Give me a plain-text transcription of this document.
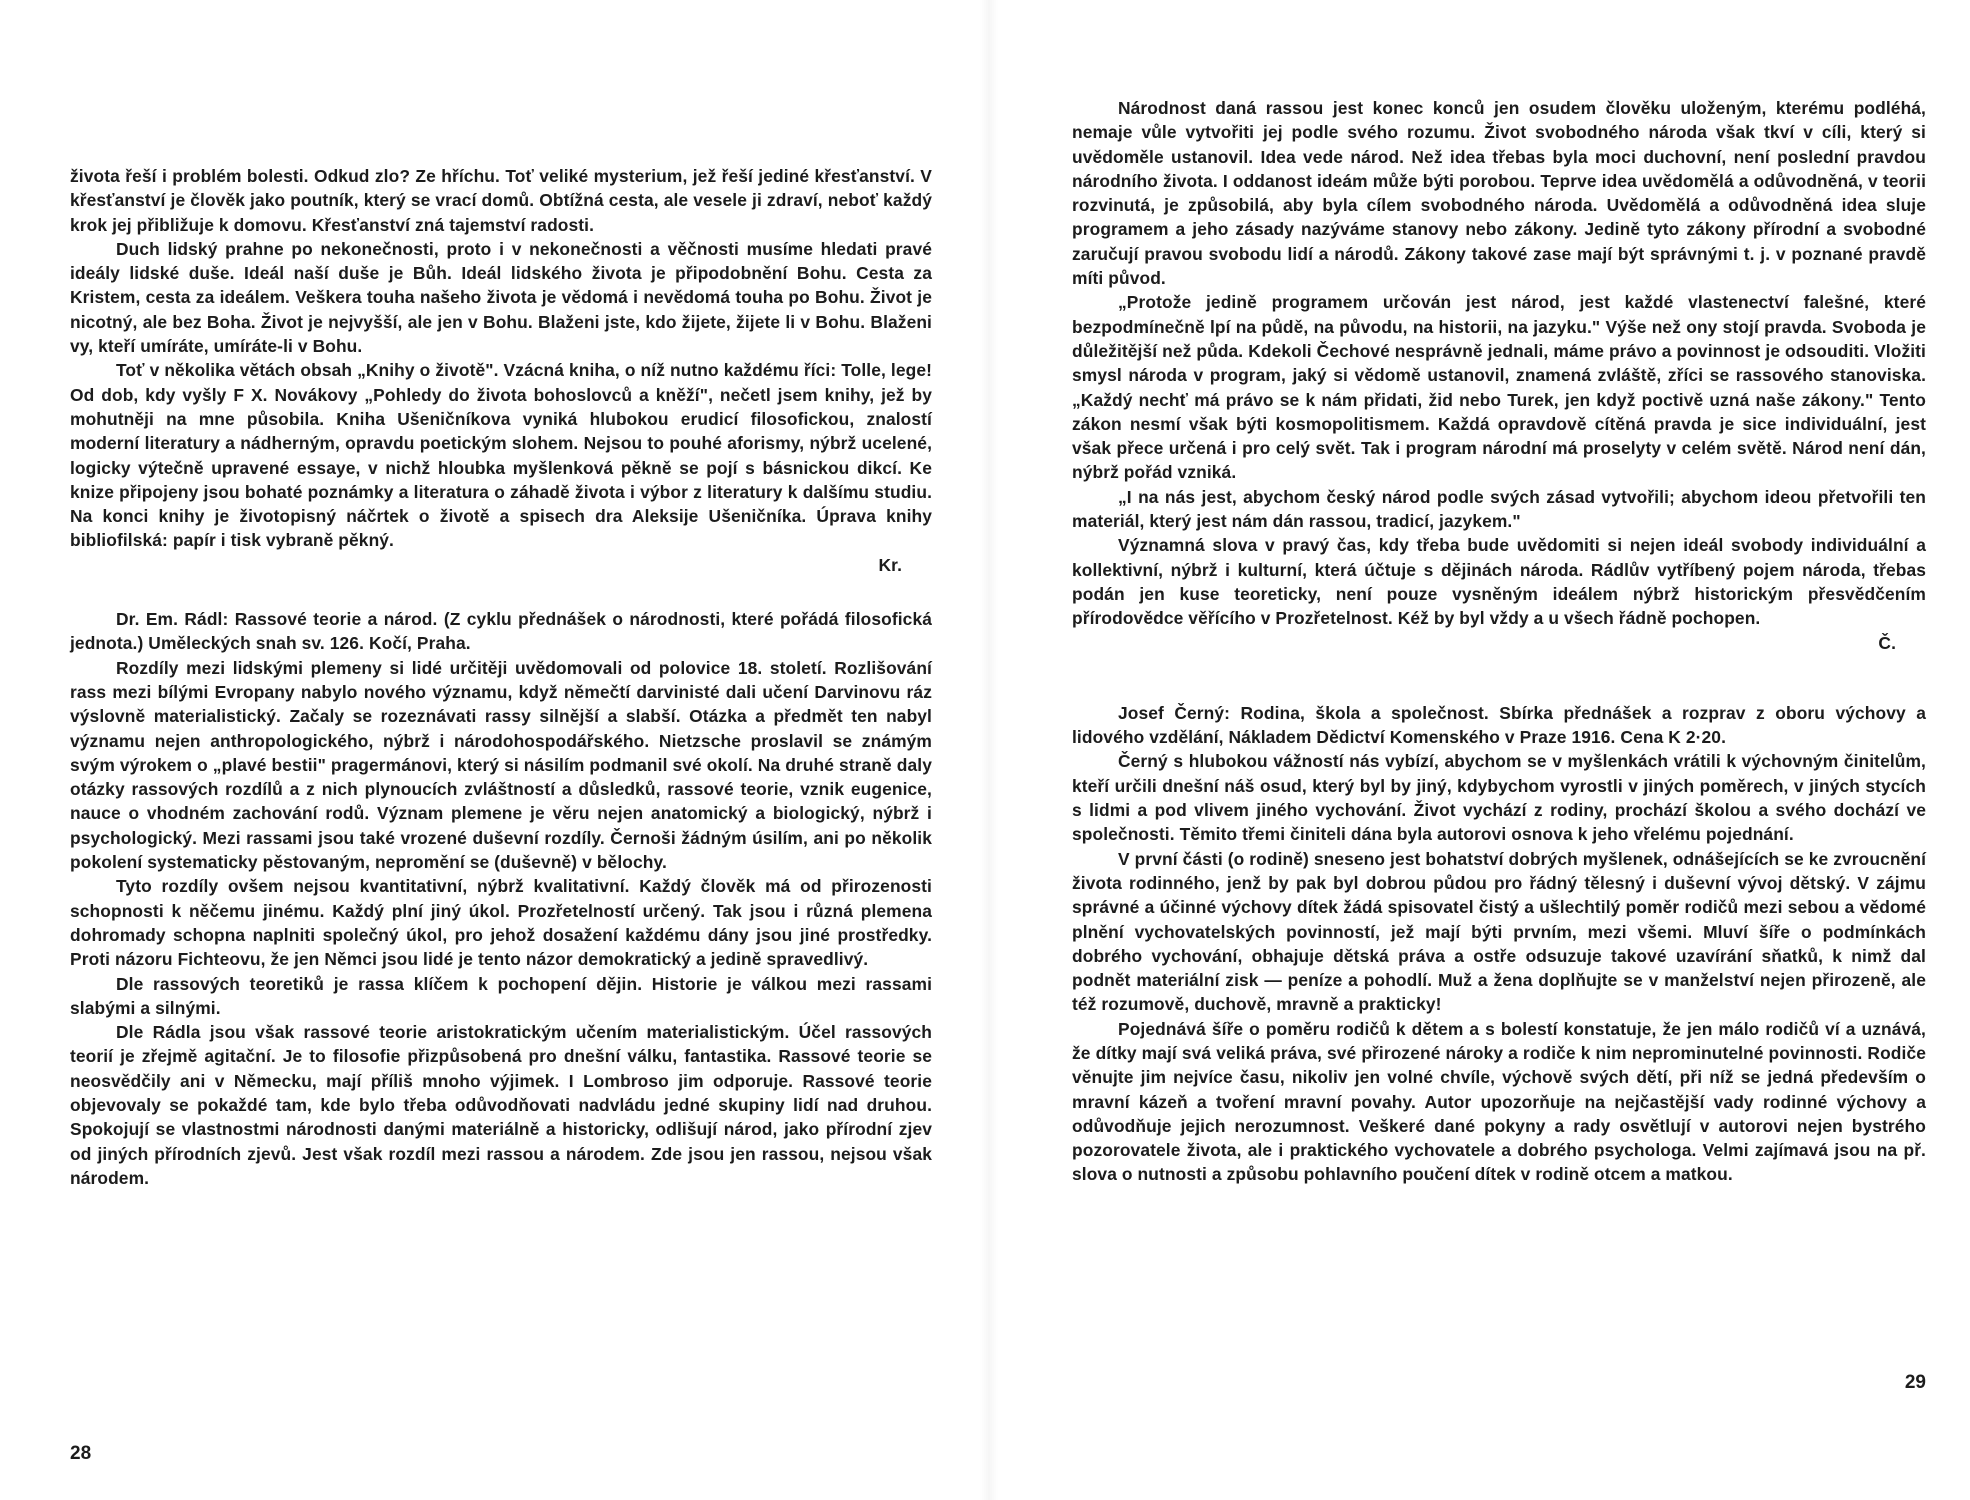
života řeší i problém bolesti. Odkud zlo? Ze hříchu. Toť veliké mysterium, jež řeší jediné křesťanství. V křesťanství je člověk jako poutník, který se vrací domů. Obtížná cesta, ale vesele ji zdraví, neboť každý krok jej přibližuje k domovu. Křesťanství zná tajemství radosti.

Duch lidský prahne po nekonečnosti, proto i v nekonečnosti a věčnosti musíme hledati pravé ideály lidské duše. Ideál naší duše je Bůh. Ideál lidského života je připodobnění Bohu. Cesta za Kristem, cesta za ideálem. Veškera touha našeho života je vědomá i nevědomá touha po Bohu. Život je nicotný, ale bez Boha. Život je nejvyšší, ale jen v Bohu. Blaženi jste, kdo žijete, žijete li v Bohu. Blaženi vy, kteří umíráte, umíráte-li v Bohu.

Toť v několika větách obsah „Knihy o životě". Vzácná kniha, o níž nutno každému říci: Tolle, lege! Od dob, kdy vyšly F X. Novákovy „Pohledy do života bohoslovců a kněží", nečetl jsem knihy, jež by mohutněji na mne působila. Kniha Ušeničníkova vyniká hlubokou erudicí filosofickou, znalostí moderní literatury a nádherným, opravdu poetickým slohem. Nejsou to pouhé aforismy, nýbrž ucelené, logicky výtečně upravené essaye, v nichž hloubka myšlenková pěkně se pojí s básnickou dikcí. Ke knize připojeny jsou bohaté poznámky a literatura o záhadě života i výbor z literatury k dalšímu studiu. Na konci knihy je životopisný náčrtek o životě a spisech dra Aleksije Ušeničníka. Úprava knihy bibliofilská: papír i tisk vybraně pěkný.

Kr.

Dr. Em. Rádl: Rassové teorie a národ. (Z cyklu přednášek o národnosti, které pořádá filosofická jednota.) Uměleckých snah sv. 126. Kočí, Praha.

Rozdíly mezi lidskými plemeny si lidé určitěji uvědomovali od polovice 18. století. Rozlišování rass mezi bílými Evropany nabylo nového významu, když němečtí darvinisté dali učení Darvinovu ráz výslovně materialistický. Začaly se rozeznávati rassy silnější a slabší. Otázka a předmět ten nabyl významu nejen anthropologického, nýbrž i národohospodářského. Nietzsche proslavil se známým svým výrokem o „plavé bestii" pragermánovi, který si násilím podmanil své okolí. Na druhé straně daly otázky rassových rozdílů a z nich plynoucích zvláštností a důsledků, rassové teorie, vznik eugenice, nauce o vhodném zachování rodů. Význam plemene je věru nejen anatomický a biologický, nýbrž i psychologický. Mezi rassami jsou také vrozené duševní rozdíly. Černoši žádným úsilím, ani po několik pokolení systematicky pěstovaným, nepromění se (duševně) v bělochy.

Tyto rozdíly ovšem nejsou kvantitativní, nýbrž kvalitativní. Každý člověk má od přirozenosti schopnosti k něčemu jinému. Každý plní jiný úkol. Prozřetelností určený. Tak jsou i různá plemena dohromady schopna naplniti společný úkol, pro jehož dosažení každému dány jsou jiné prostředky. Proti názoru Fichteovu, že jen Němci jsou lidé je tento názor demokratický a jedině spravedlivý.

Dle rassových teoretiků je rassa klíčem k pochopení dějin. Historie je válkou mezi rassami slabými a silnými.

Dle Rádla jsou však rassové teorie aristokratickým učením materialistickým. Účel rassových teorií je zřejmě agitační. Je to filosofie přizpůsobená pro dnešní válku, fantastika. Rassové teorie se neosvědčily ani v Německu, mají příliš mnoho výjimek. I Lombroso jim odporuje. Rassové teorie objevovaly se pokaždé tam, kde bylo třeba odůvodňovati nadvládu jedné skupiny lidí nad druhou. Spokojují se vlastnostmi národnosti danými materiálně a historicky, odlišují národ, jako přírodní zjev od jiných přírodních zjevů. Jest však rozdíl mezi rassou a národem. Zde jsou jen rassou, nejsou však národem.

28

Národnost daná rassou jest konec konců jen osudem člověku uloženým, kterému podléhá, nemaje vůle vytvořiti jej podle svého rozumu. Život svobodného národa však tkví v cíli, který si uvědoměle ustanovil. Idea vede národ. Než idea třebas byla moci duchovní, není poslední pravdou národního života. I oddanost ideám může býti porobou. Teprve idea uvědomělá a odůvodněná, v teorii rozvinutá, je způsobilá, aby byla cílem svobodného národa. Uvědomělá a odůvodněná idea sluje programem a jeho zásady nazýváme stanovy nebo zákony. Jedině tyto zákony přírodní a svobodné zaručují pravou svobodu lidí a národů. Zákony takové zase mají být správnými t. j. v poznané pravdě míti původ.

„Protože jedině programem určován jest národ, jest každé vlastenectví falešné, které bezpodmínečně lpí na půdě, na původu, na historii, na jazyku." Výše než ony stojí pravda. Svoboda je důležitější než půda. Kdekoli Čechové nesprávně jednali, máme právo a povinnost je odsouditi. Vložiti smysl národa v program, jaký si vědomě ustanovil, znamená zvláště, zříci se rassového stanoviska. „Každý nechť má právo se k nám přidati, žid nebo Turek, jen když poctivě uzná naše zákony." Tento zákon nesmí však býti kosmopolitismem. Každá opravdově cítěná pravda je sice individuální, jest však přece určená i pro celý svět. Tak i program národní má proselyty v celém světě. Národ není dán, nýbrž pořád vzniká.

„I na nás jest, abychom český národ podle svých zásad vytvořili; abychom ideou přetvořili ten materiál, který jest nám dán rassou, tradicí, jazykem."

Významná slova v pravý čas, kdy třeba bude uvědomiti si nejen ideál svobody individuální a kollektivní, nýbrž i kulturní, která účtuje s dějinách národa. Rádlův vytříbený pojem národa, třebas podán jen kuse teoreticky, není pouze vysněným ideálem nýbrž historickým přesvědčením přírodovědce věřícího v Prozřetelnost. Kéž by byl vždy a u všech řádně pochopen.

Č.

Josef Černý: Rodina, škola a společnost. Sbírka přednášek a rozprav z oboru výchovy a lidového vzdělání, Nákladem Dědictví Komenského v Praze 1916. Cena K 2·20.

Černý s hlubokou vážností nás vybízí, abychom se v myšlenkách vrátili k výchovným činitelům, kteří určili dnešní náš osud, který byl by jiný, kdybychom vyrostli v jiných poměrech, v jiných stycích s lidmi a pod vlivem jiného vychování. Život vychází z rodiny, prochází školou a svého dochází ve společnosti. Těmito třemi činiteli dána byla autorovi osnova k jeho vřelému pojednání.

V první části (o rodině) sneseno jest bohatství dobrých myšlenek, odnášejících se ke zvroucnění života rodinného, jenž by pak byl dobrou půdou pro řádný tělesný i duševní vývoj dětský. V zájmu správné a účinné výchovy dítek žádá spisovatel čistý a ušlechtilý poměr rodičů mezi sebou a vědomé plnění vychovatelských povinností, jež mají býti prvním, mezi všemi. Mluví šíře o podmínkách dobrého vychování, obhajuje dětská práva a ostře odsuzuje takové uzavírání sňatků, k nimž dal podnět materiální zisk — peníze a pohodlí. Muž a žena doplňujte se v manželství nejen přirozeně, ale též rozumově, duchově, mravně a prakticky!

Pojednává šíře o poměru rodičů k dětem a s bolestí konstatuje, že jen málo rodičů ví a uznává, že dítky mají svá veliká práva, své přirozené nároky a rodiče k nim neprominutelné povinnosti. Rodiče věnujte jim nejvíce času, nikoliv jen volné chvíle, výchově svých dětí, při níž se jedná především o mravní kázeň a tvoření mravní povahy. Autor upozorňuje na nejčastější vady rodinné výchovy a odůvodňuje jejich nerozumnost. Veškeré dané pokyny a rady osvětlují v autorovi nejen bystrého pozorovatele života, ale i praktického vychovatele a dobrého psychologa. Velmi zajímavá jsou na př. slova o nutnosti a způsobu pohlavního poučení dítek v rodině otcem a matkou.

29
